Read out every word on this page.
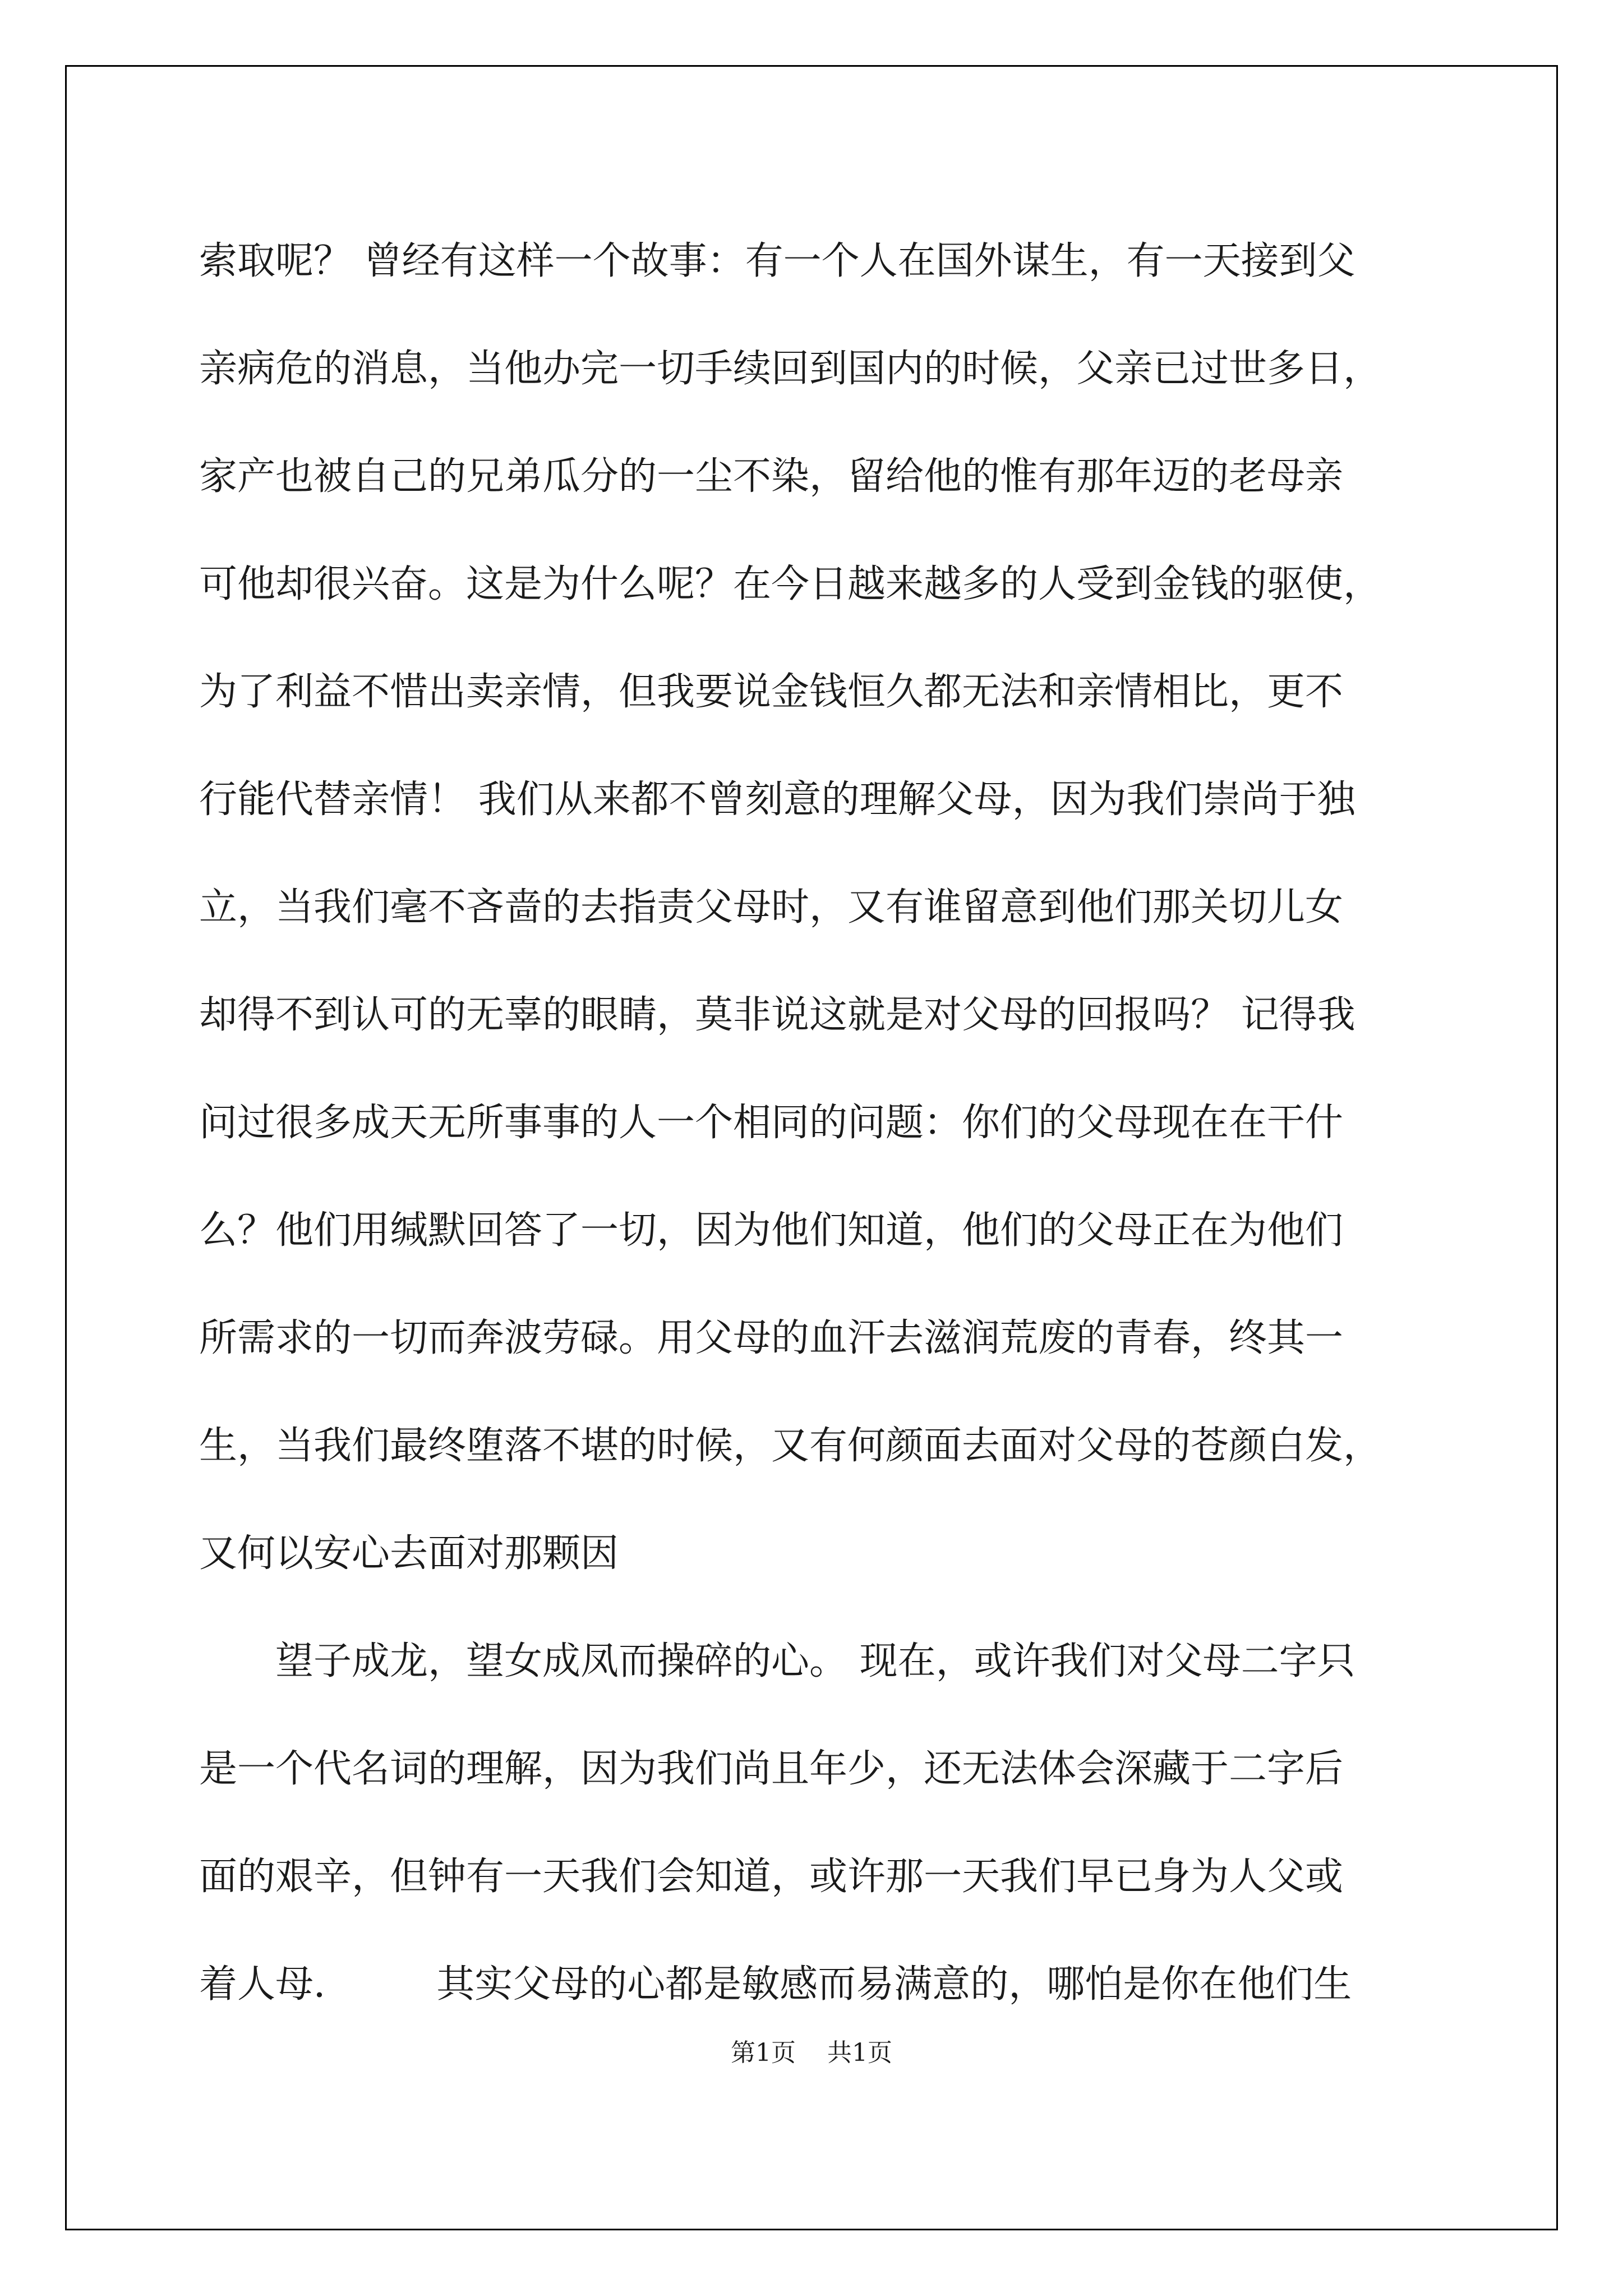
索取呢？ 曾经有这样一个故事：有一个人在国外谋生，有一天接到父
亲病危的消息，当他办完一切手续回到国内的时候，父亲已过世多日，
家产也被自己的兄弟瓜分的一尘不染，留给他的惟有那年迈的老母亲
可他却很兴奋。这是为什么呢？在今日越来越多的人受到金钱的驱使，
为了利益不惜出卖亲情，但我要说金钱恒久都无法和亲情相比，更不
行能代替亲情！ 我们从来都不曾刻意的理解父母，因为我们崇尚于独
立，当我们毫不吝啬的去指责父母时，又有谁留意到他们那关切儿女
却得不到认可的无辜的眼睛，莫非说这就是对父母的回报吗？ 记得我
问过很多成天无所事事的人一个相同的问题：你们的父母现在在干什
么？他们用缄默回答了一切，因为他们知道，他们的父母正在为他们
所需求的一切而奔波劳碌。用父母的血汗去滋润荒废的青春，终其一
生，当我们最终堕落不堪的时候，又有何颜面去面对父母的苍颜白发，
又何以安心去面对那颗因
望子成龙，望女成凤而操碎的心。 现在，或许我们对父母二字只
是一个代名词的理解，因为我们尚且年少，还无法体会深藏于二字后
面的艰辛，但钟有一天我们会知道，或许那一天我们早已身为人父或
着人母．       其实父母的心都是敏感而易满意的，哪怕是你在他们生
第1页    共1页
